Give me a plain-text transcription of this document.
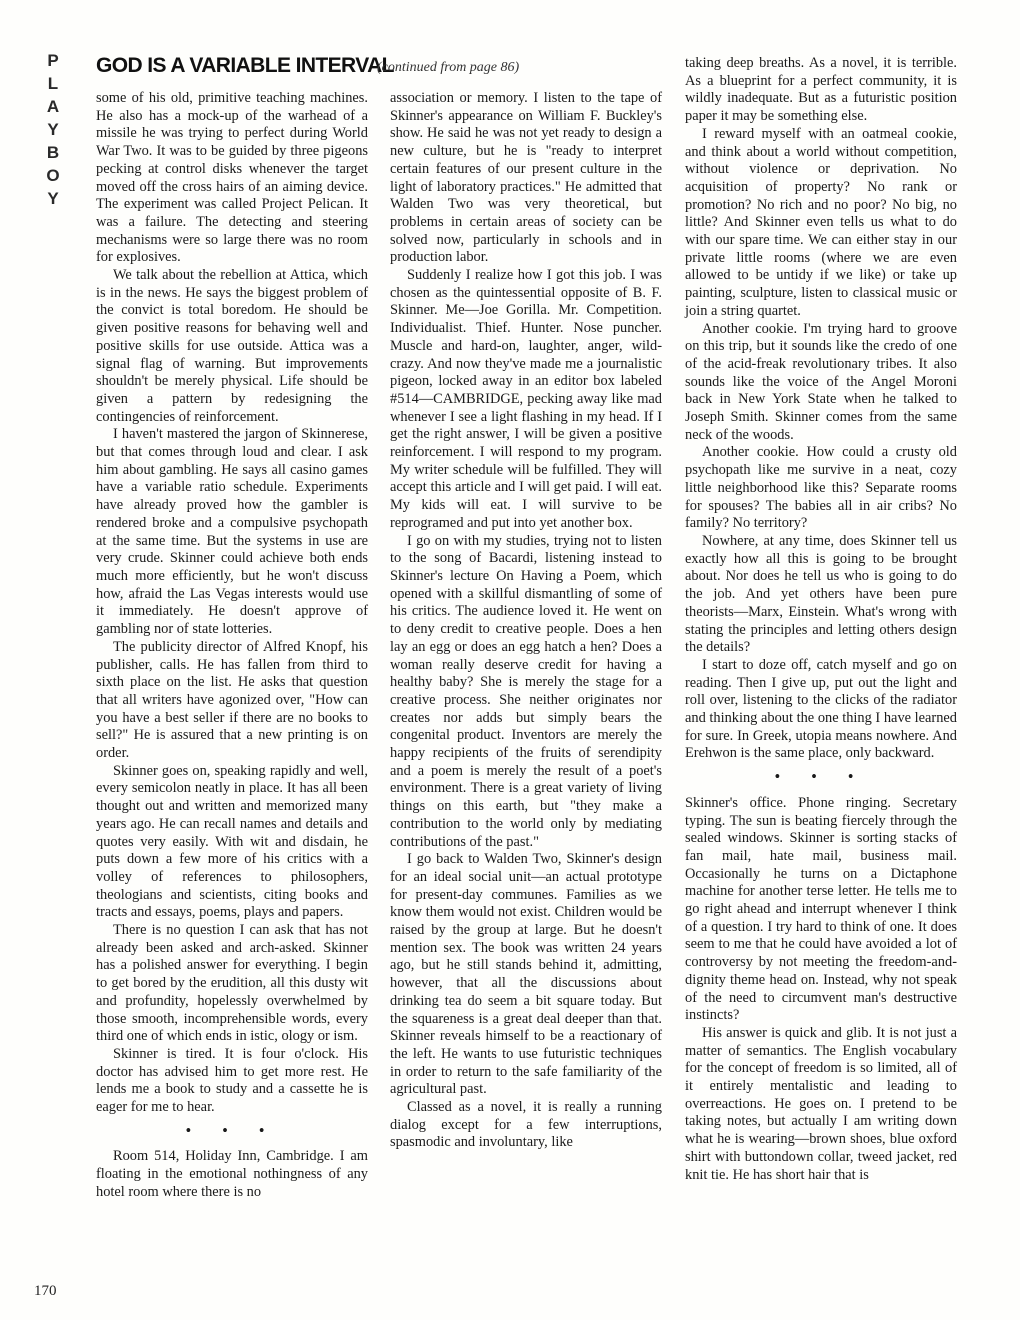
P
L
A
Y
B
O
Y
GOD IS A VARIABLE INTERVAL
(continued from page 86)

some of his old, primitive teaching machines. He also has a mock-up of the warhead of a missile he was trying to perfect during World War Two. It was to be guided by three pigeons pecking at control disks whenever the target moved off the cross hairs of an aiming device. The experiment was called Project Pelican. It was a failure. The detecting and steering mechanisms were so large there was no room for explosives.

We talk about the rebellion at Attica, which is in the news. He says the biggest problem of the convict is total boredom. He should be given positive reasons for behaving well and positive skills for use outside. Attica was a signal flag of warning. But improvements shouldn't be merely physical. Life should be given a pattern by redesigning the contingencies of reinforcement.

I haven't mastered the jargon of Skinnerese, but that comes through loud and clear. I ask him about gambling. He says all casino games have a variable ratio schedule. Experiments have already proved how the gambler is rendered broke and a compulsive psychopath at the same time. But the systems in use are very crude. Skinner could achieve both ends much more efficiently, but he won't discuss how, afraid the Las Vegas interests would use it immediately. He doesn't approve of gambling nor of state lotteries.

The publicity director of Alfred Knopf, his publisher, calls. He has fallen from third to sixth place on the list. He asks that question that all writers have agonized over, "How can you have a best seller if there are no books to sell?" He is assured that a new printing is on order.

Skinner goes on, speaking rapidly and well, every semicolon neatly in place. It has all been thought out and written and memorized many years ago. He can recall names and details and quotes very easily. With wit and disdain, he puts down a few more of his critics with a volley of references to philosophers, theologians and scientists, citing books and tracts and essays, poems, plays and papers.

There is no question I can ask that has not already been asked and arch-asked. Skinner has a polished answer for everything. I begin to get bored by the erudition, all this dusty wit and profundity, hopelessly overwhelmed by those smooth, incomprehensible words, every third one of which ends in istic, ology or ism.

Skinner is tired. It is four o'clock. His doctor has advised him to get more rest. He lends me a book to study and a cassette he is eager for me to hear.

• • •

Room 514, Holiday Inn, Cambridge. I am floating in the emotional nothingness of any hotel room where there is no

association or memory. I listen to the tape of Skinner's appearance on William F. Buckley's show. He said he was not yet ready to design a new culture, but he is "ready to interpret certain features of our present culture in the light of laboratory practices." He admitted that Walden Two was very theoretical, but problems in certain areas of society can be solved now, particularly in schools and in production labor.

Suddenly I realize how I got this job. I was chosen as the quintessential opposite of B. F. Skinner. Me—Joe Gorilla. Mr. Competition. Individualist. Thief. Hunter. Nose puncher. Muscle and hard-on, laughter, anger, wild-crazy. And now they've made me a journalistic pigeon, locked away in an editor box labeled #514—CAMBRIDGE, pecking away like mad whenever I see a light flashing in my head. If I get the right answer, I will be given a positive reinforcement. I will respond to my program. My writer schedule will be fulfilled. They will accept this article and I will get paid. I will eat. My kids will eat. I will survive to be reprogramed and put into yet another box.

I go on with my studies, trying not to listen to the song of Bacardi, listening instead to Skinner's lecture On Having a Poem, which opened with a skillful dismantling of some of his critics. The audience loved it. He went on to deny credit to creative people. Does a hen lay an egg or does an egg hatch a hen? Does a woman really deserve credit for having a healthy baby? She is merely the stage for a creative process. She neither originates nor creates nor adds but simply bears the congenital product. Inventors are merely the happy recipients of the fruits of serendipity and a poem is merely the result of a poet's environment. There is a great variety of living things on this earth, but "they make a contribution to the world only by mediating contributions of the past."

I go back to Walden Two, Skinner's design for an ideal social unit—an actual prototype for present-day communes. Families as we know them would not exist. Children would be raised by the group at large. But he doesn't mention sex. The book was written 24 years ago, but he still stands behind it, admitting, however, that all the discussions about drinking tea do seem a bit square today. But the squareness is a great deal deeper than that. Skinner reveals himself to be a reactionary of the left. He wants to use futuristic techniques in order to return to the safe familiarity of the agricultural past.

Classed as a novel, it is really a running dialog except for a few interruptions, spasmodic and involuntary, like

taking deep breaths. As a novel, it is terrible. As a blueprint for a perfect community, it is wildly inadequate. But as a futuristic position paper it may be something else.

I reward myself with an oatmeal cookie, and think about a world without competition, without violence or deprivation. No acquisition of property? No rank or promotion? No rich and no poor? No big, no little? And Skinner even tells us what to do with our spare time. We can either stay in our private little rooms (where we are even allowed to be untidy if we like) or take up painting, sculpture, listen to classical music or join a string quartet.

Another cookie. I'm trying hard to groove on this trip, but it sounds like the credo of one of the acid-freak revolutionary tribes. It also sounds like the voice of the Angel Moroni back in New York State when he talked to Joseph Smith. Skinner comes from the same neck of the woods.

Another cookie. How could a crusty old psychopath like me survive in a neat, cozy little neighborhood like this? Separate rooms for spouses? The babies all in air cribs? No family? No territory?

Nowhere, at any time, does Skinner tell us exactly how all this is going to be brought about. Nor does he tell us who is going to do the job. And yet others have been pure theorists—Marx, Einstein. What's wrong with stating the principles and letting others design the details?

I start to doze off, catch myself and go on reading. Then I give up, put out the light and roll over, listening to the clicks of the radiator and thinking about the one thing I have learned for sure. In Greek, utopia means nowhere. And Erehwon is the same place, only backward.

• • •

Skinner's office. Phone ringing. Secretary typing. The sun is beating fiercely through the sealed windows. Skinner is sorting stacks of fan mail, hate mail, business mail. Occasionally he turns on a Dictaphone machine for another terse letter. He tells me to go right ahead and interrupt whenever I think of a question. I try hard to think of one. It does seem to me that he could have avoided a lot of controversy by not meeting the freedom-and-dignity theme head on. Instead, why not speak of the need to circumvent man's destructive instincts?

His answer is quick and glib. It is not just a matter of semantics. The English vocabulary for the concept of freedom is so limited, all of it entirely mentalistic and leading to overreactions. He goes on. I pretend to be taking notes, but actually I am writing down what he is wearing—brown shoes, blue oxford shirt with buttondown collar, tweed jacket, red knit tie. He has short hair that is

170
